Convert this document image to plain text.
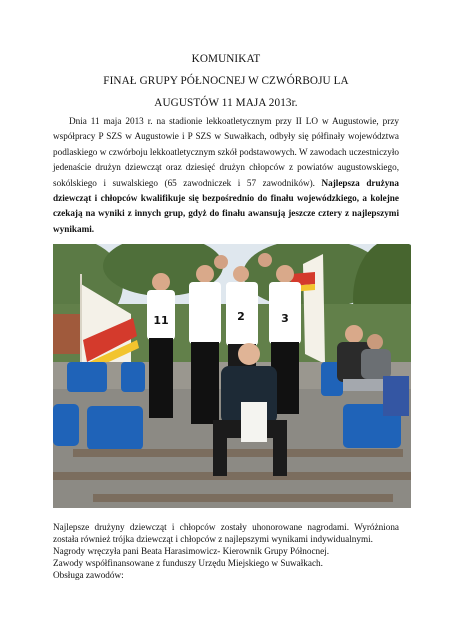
KOMUNIKAT
FINAŁ GRUPY PÓŁNOCNEJ W CZWÓRBOJU LA
AUGUSTÓW 11 MAJA 2013r.

Dnia 11 maja 2013 r. na stadionie lekkoatletycznym przy II LO w Augustowie, przy współpracy P SZS w Augustowie i P SZS w Suwałkach, odbyły się półfinały województwa podlaskiego w czwórboju lekkoatletycznym szkół podstawowych. W zawodach uczestniczyło jedenaście drużyn dziewcząt oraz dziesięć drużyn chłopców z powiatów augustowskiego, sokólskiego i suwalskiego (65 zawodniczek i 57 zawodników). Najlepsza drużyna dziewcząt i chłopców kwalifikuje się bezpośrednio do finału wojewódzkiego, a kolejne czekają na wyniki z innych grup, gdyż do finału awansują jeszcze cztery z najlepszymi wynikami.

11	2	3

Najlepsze drużyny dziewcząt i chłopców zostały uhonorowane nagrodami. Wyróżniona została również trójka dziewcząt i chłopców z najlepszymi wynikami indywidualnymi.
Nagrody wręczyła pani Beata Harasimowicz- Kierownik Grupy Północnej.
Zawody współfinansowane z funduszy Urzędu Miejskiego w Suwałkach.
Obsługa zawodów:
